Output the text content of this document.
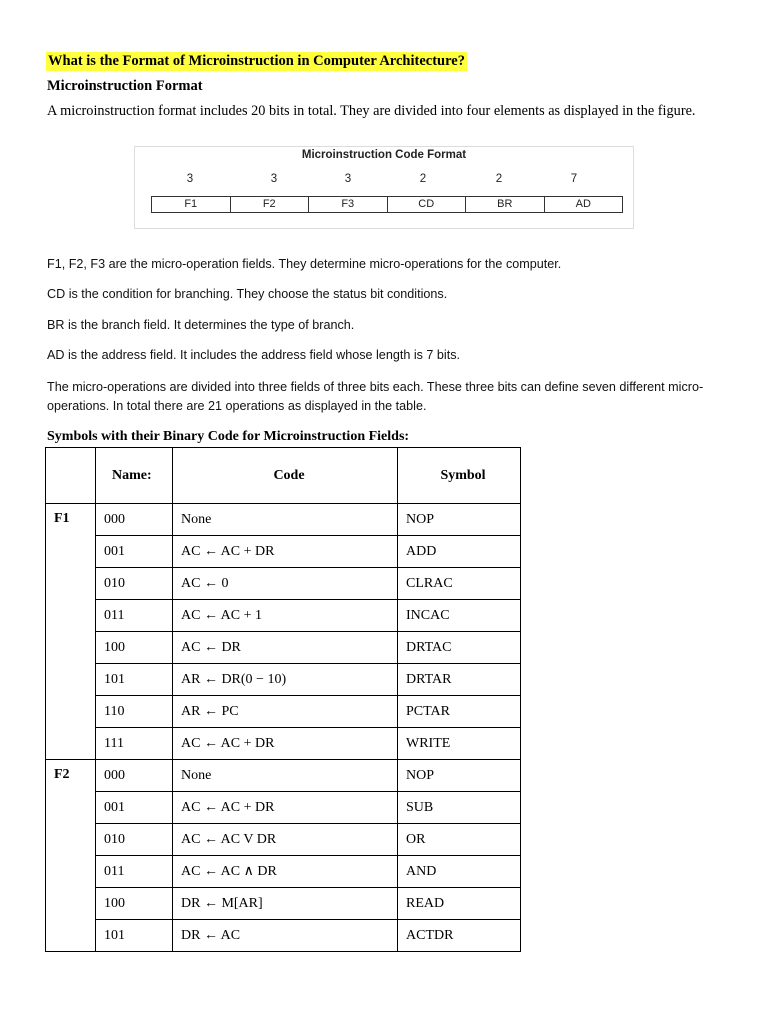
What is the Format of Microinstruction in Computer Architecture?
Microinstruction Format
A microinstruction format includes 20 bits in total. They are divided into four elements as displayed in the figure.
Microinstruction Code Format
3	3	3	2	2	7
F1	F2	F3	CD	BR	AD
F1, F2, F3 are the micro-operation fields. They determine micro-operations for the computer.
CD is the condition for branching. They choose the status bit conditions.
BR is the branch field. It determines the type of branch.
AD is the address field. It includes the address field whose length is 7 bits.
The micro-operations are divided into three fields of three bits each. These three bits can define seven different micro-operations. In total there are 21 operations as displayed in the table.
Symbols with their Binary Code for Microinstruction Fields:
	Name:	Code	Symbol
F1	000	None	NOP
	001	AC ← AC + DR	ADD
	010	AC ← 0	CLRAC
	011	AC ← AC + 1	INCAC
	100	AC ← DR	DRTAC
	101	AR ← DR(0 − 10)	DRTAR
	110	AR ← PC	PCTAR
	111	AC ← AC + DR	WRITE
F2	000	None	NOP
	001	AC ← AC + DR	SUB
	010	AC ← AC V DR	OR
	011	AC ← AC ∧ DR	AND
	100	DR ← M[AR]	READ
	101	DR ← AC	ACTDR
